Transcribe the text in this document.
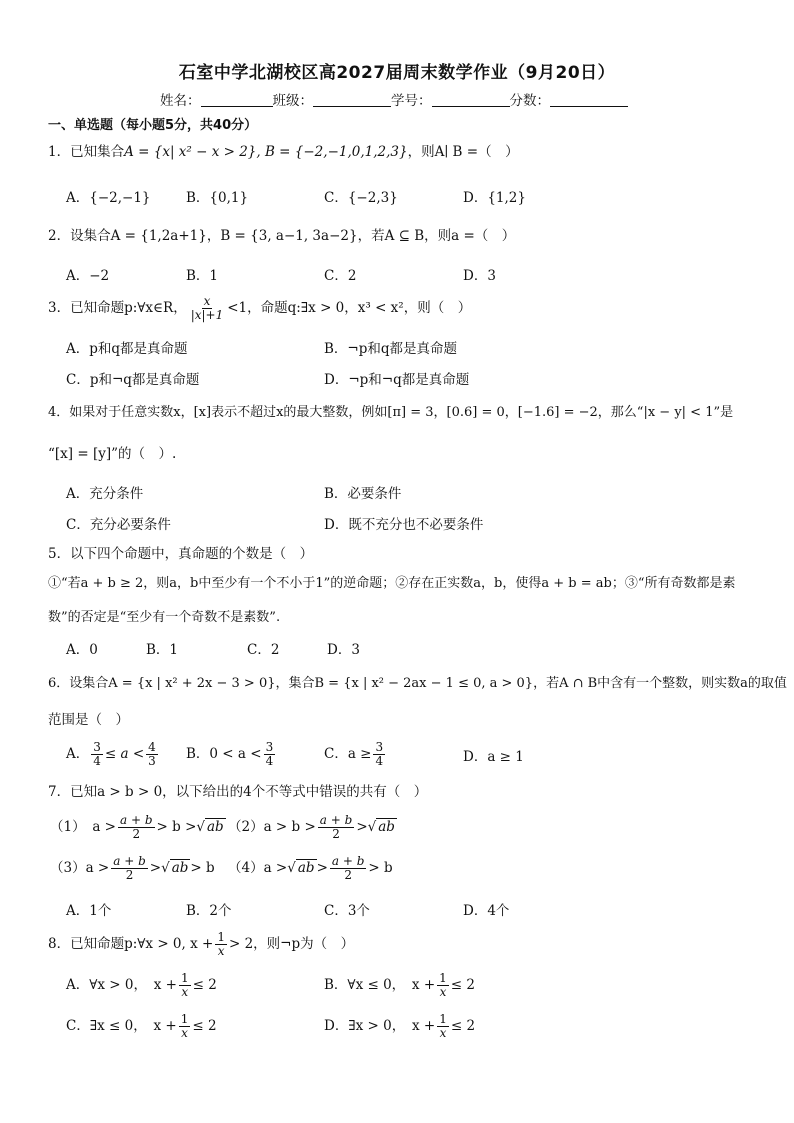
石室中学北湖校区高2027届周末数学作业（9月20日）
姓名：	班级：	学号：	分数：
一、单选题（每小题5分，共40分）
1．已知集合A = {x| x² − x > 2}, B = {−2,−1,0,1,2,3}，则A∣ B =（　）
A．{−2,−1}	B．{0,1}	C．{−2,3}	D．{1,2}
2．设集合A = {1,2a+1}，B = {3, a−1, 3a−2}，若A ⊆ B，则a =（　）
A．−2	B．1	C．2	D．3
3．已知命题p:∀x∈R， $\frac{x}{|x|+1} <1$，命题q:∃x > 0，x³ < x²，则（　）
A．p和q都是真命题	B．¬p和q都是真命题
C．p和¬q都是真命题	D．¬p和¬q都是真命题
4．如果对于任意实数x，[x]表示不超过x的最大整数，例如[π] = 3，[0.6] = 0，[−1.6] = −2，那么“|x − y| < 1”是
“[x] = [y]”的（　）.
A．充分条件	B．必要条件
C．充分必要条件	D．既不充分也不必要条件
5．以下四个命题中，真命题的个数是（　）
①“若a + b ≥ 2，则a，b中至少有一个不小于1”的逆命题；②存在正实数a，b，使得a + b = ab；③“所有奇数都是素数”的否定是“至少有一个奇数不是素数”.
A．0	B．1	C．2	D．3
6．设集合A = {x | x² + 2x − 3 > 0}，集合B = {x | x² − 2ax − 1 ≤ 0, a > 0}，若A ∩ B中含有一个整数，则实数a的取值
范围是（　）
A． $\frac{3}{4} \le a < \frac{4}{3}$ B．$0 < a < \frac{3}{4}$	C．$a \ge \frac{3}{4}$	D．a ≥ 1
7．已知a > b > 0，以下给出的4个不等式中错误的共有（　）
（1）　$a > \frac{a + b}{2} > b$ > √ ab $(2)a > b > \frac{a + b}{2}$ > √ ab
$(3)a > \frac{a + b}{2}$ > √ ab > b （4）a > √ ab > $\frac{a + b}{2} > b$
A．1个	B．2个	C．3个	D．4个
8．已知命题p:∀x > 0, $x + \frac{1}{x} > 2$，则¬p为（　）
A．∀x > 0，　$x + \frac{1}{x} \le 2$	B．∀x ≤ 0，　$x + \frac{1}{x} \le 2$
C．∃x ≤ 0，　$x + \frac{1}{x} \le 2$	D．∃x > 0，　$x + \frac{1}{x} \le 2$
